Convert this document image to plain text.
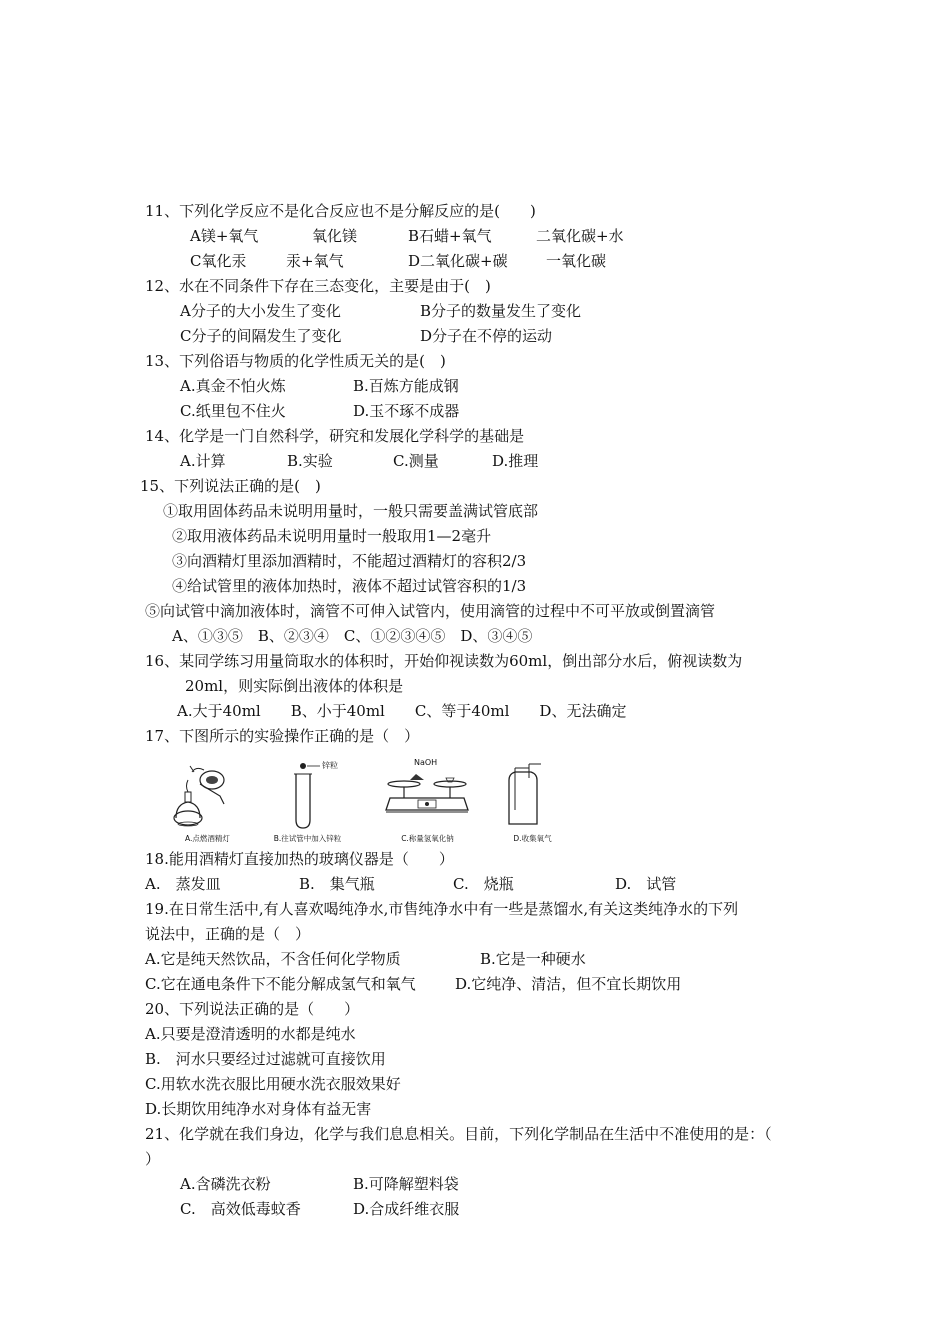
11、下列化学反应不是化合反应也不是分解反应的是(　　)
A镁+氧气	氧化镁	B石蜡+氧气	二氧化碳+水
C氧化汞	汞+氧气	D二氧化碳+碳	一氧化碳
12、水在不同条件下存在三态变化，主要是由于(　)
A分子的大小发生了变化	B分子的数量发生了变化
C分子的间隔发生了变化	D分子在不停的运动
13、下列俗语与物质的化学性质无关的是(　)
A.真金不怕火炼	B.百炼方能成钢
C.纸里包不住火	D.玉不琢不成器
14、化学是一门自然科学，研究和发展化学科学的基础是
A.计算	B.实验	C.测量	D.推理
15、下列说法正确的是(　)
①取用固体药品未说明用量时，一般只需要盖满试管底部
②取用液体药品未说明用量时一般取用1—2毫升
③向酒精灯里添加酒精时，不能超过酒精灯的容积2/3
④给试管里的液体加热时，液体不超过试管容积的1/3
⑤向试管中滴加液体时，滴管不可伸入试管内，使用滴管的过程中不可平放或倒置滴管
A、①③⑤　B、②③④　C、①②③④⑤　D、③④⑤
16、某同学练习用量筒取水的体积时，开始仰视读数为60ml，倒出部分水后，俯视读数为
20ml，则实际倒出液体的体积是
A.大于40ml　　B、小于40ml　　C、等于40ml　　D、无法确定
17、下图所示的实验操作正确的是（　）
A.点燃酒精灯
锌粒
B.往试管中加入锌粒
NaOH
C.称量氢氧化钠	D.收集氧气
18.能用酒精灯直接加热的玻璃仪器是（　　）
A.　蒸发皿	B.　集气瓶	C.　烧瓶	D.　试管
19.在日常生活中,有人喜欢喝纯净水,市售纯净水中有一些是蒸馏水,有关这类纯净水的下列
说法中，正确的是（　）
A.它是纯天然饮品，不含任何化学物质	B.它是一种硬水
C.它在通电条件下不能分解成氢气和氧气	D.它纯净、清洁，但不宜长期饮用
20、下列说法正确的是（　　）
A.只要是澄清透明的水都是纯水
B.　河水只要经过过滤就可直接饮用
C.用软水洗衣服比用硬水洗衣服效果好
D.长期饮用纯净水对身体有益无害
21、化学就在我们身边，化学与我们息息相关。目前，下列化学制品在生活中不准使用的是：（
）
A.含磷洗衣粉	B.可降解塑料袋
C.　高效低毒蚊香	D.合成纤维衣服
